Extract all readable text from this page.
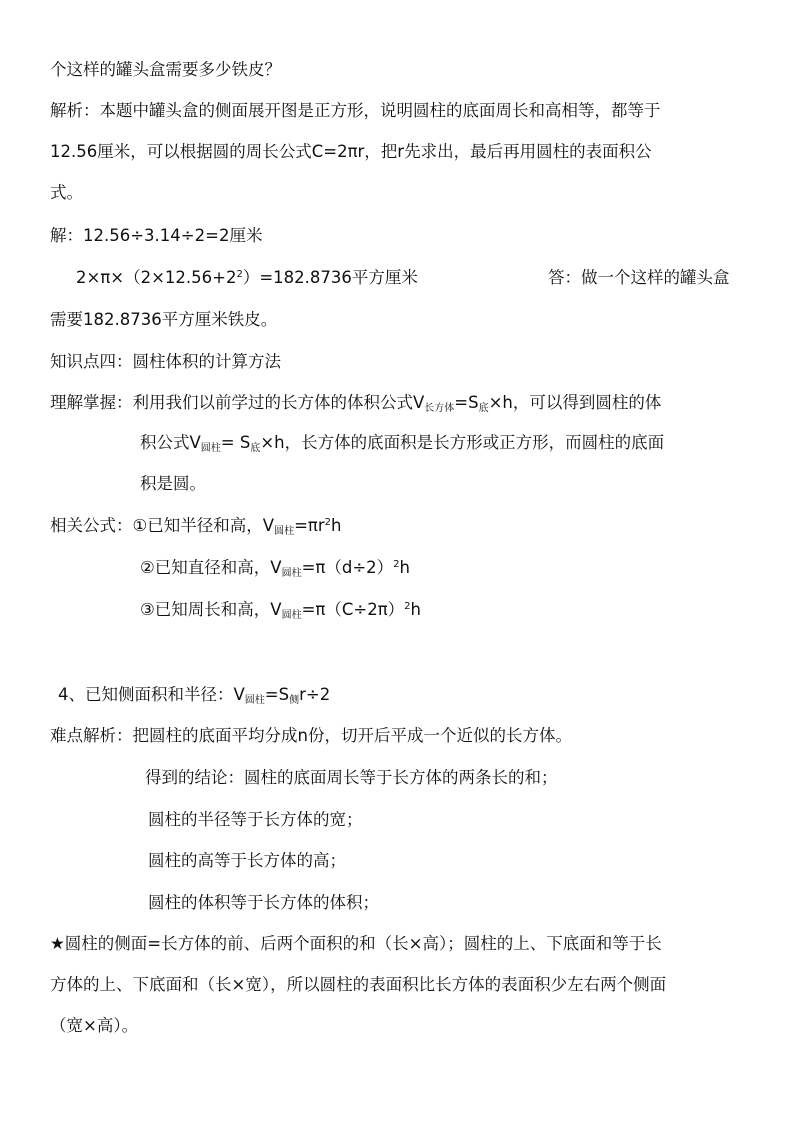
个这样的罐头盒需要多少铁皮？
解析：本题中罐头盒的侧面展开图是正方形，说明圆柱的底面周长和高相等，都等于
12.56厘米，可以根据圆的周长公式C=2πr，把r先求出，最后再用圆柱的表面积公
式。
解：12.56÷3.14÷2=2厘米
$2\times\pi\times(2\times 12.56+2^2)=182.8736$平方厘米	答：做一个这样的罐头盒
需要182.8736平方厘米铁皮。
知识点四：圆柱体积的计算方法
理解掌握：利用我们以前学过的长方体的体积公式V长方体=S底×h，可以得到圆柱的体
积公式V圆柱= S底×h，长方体的底面积是长方形或正方形，而圆柱的底面
积是圆。
相关公式：①已知半径和高，V圆柱$=\pi r^2h$
②已知直径和高，V圆柱$=\pi(d\div 2)^2h$
③已知周长和高，V圆柱$=\pi(C\div 2\pi)^2h$
4、已知侧面积和半径：V圆柱=S侧r÷2
难点解析：把圆柱的底面平均分成n份，切开后平成一个近似的长方体。
得到的结论：圆柱的底面周长等于长方体的两条长的和；
圆柱的半径等于长方体的宽；
圆柱的高等于长方体的高；
圆柱的体积等于长方体的体积；
★圆柱的侧面=长方体的前、后两个面积的和（长×高）；圆柱的上、下底面和等于长
方体的上、下底面和（长×宽），所以圆柱的表面积比长方体的表面积少左右两个侧面
（宽×高）。
